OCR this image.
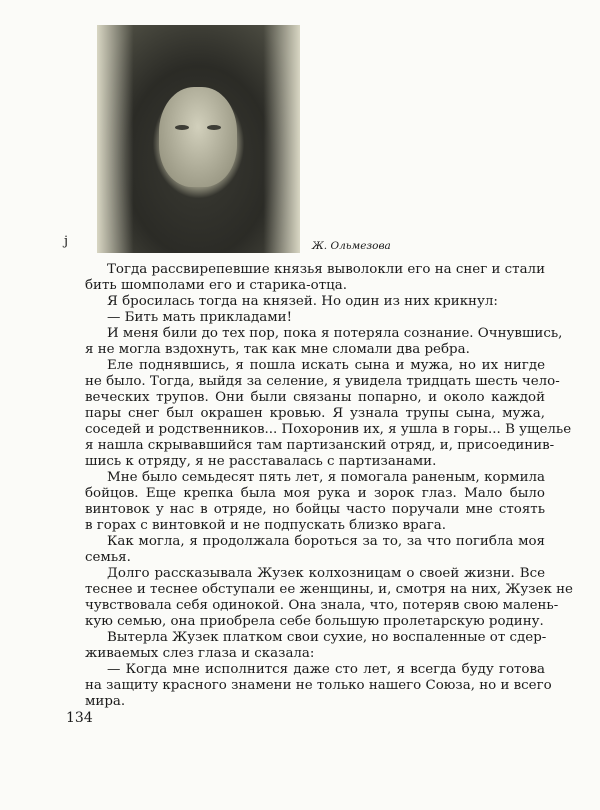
j	Ж. Ольмезова
Тогда рассвирепевшие князья выволокли его на снег и стали
бить шомполами его и старика-отца.
Я бросилась тогда на князей. Но один из них крикнул:
— Бить мать прикладами!
И меня били до тех пор, пока я потеряла сознание. Очнувшись,
я не могла вздохнуть, так как мне сломали два ребра.
Еле поднявшись, я пошла искать сына и мужа, но их нигде
не было. Тогда, выйдя за селение, я увидела тридцать шесть чело-
веческих трупов. Они были связаны попарно, и около каждой
пары снег был окрашен кровью. Я узнала трупы сына, мужа,
соседей и родственников... Похоронив их, я ушла в горы... В ущелье
я нашла скрывавшийся там партизанский отряд, и, присоединив-
шись к отряду, я не расставалась с партизанами.
Мне было семьдесят пять лет, я помогала раненым, кормила
бойцов. Еще крепка была моя рука и зорок глаз. Мало было
винтовок у нас в отряде, но бойцы часто поручали мне стоять
в горах с винтовкой и не подпускать близко врага.
Как могла, я продолжала бороться за то, за что погибла моя
семья.
Долго рассказывала Жузек колхозницам о своей жизни. Все
теснее и теснее обступали ее женщины, и, смотря на них, Жузек не
чувствовала себя одинокой. Она знала, что, потеряв свою малень-
кую семью, она приобрела себе большую пролетарскую родину.
Вытерла Жузек платком свои сухие, но воспаленные от сдер-
живаемых слез глаза и сказала:
— Когда мне исполнится даже сто лет, я всегда буду готова
на защиту красного знамени не только нашего Союза, но и всего
мира.
134
